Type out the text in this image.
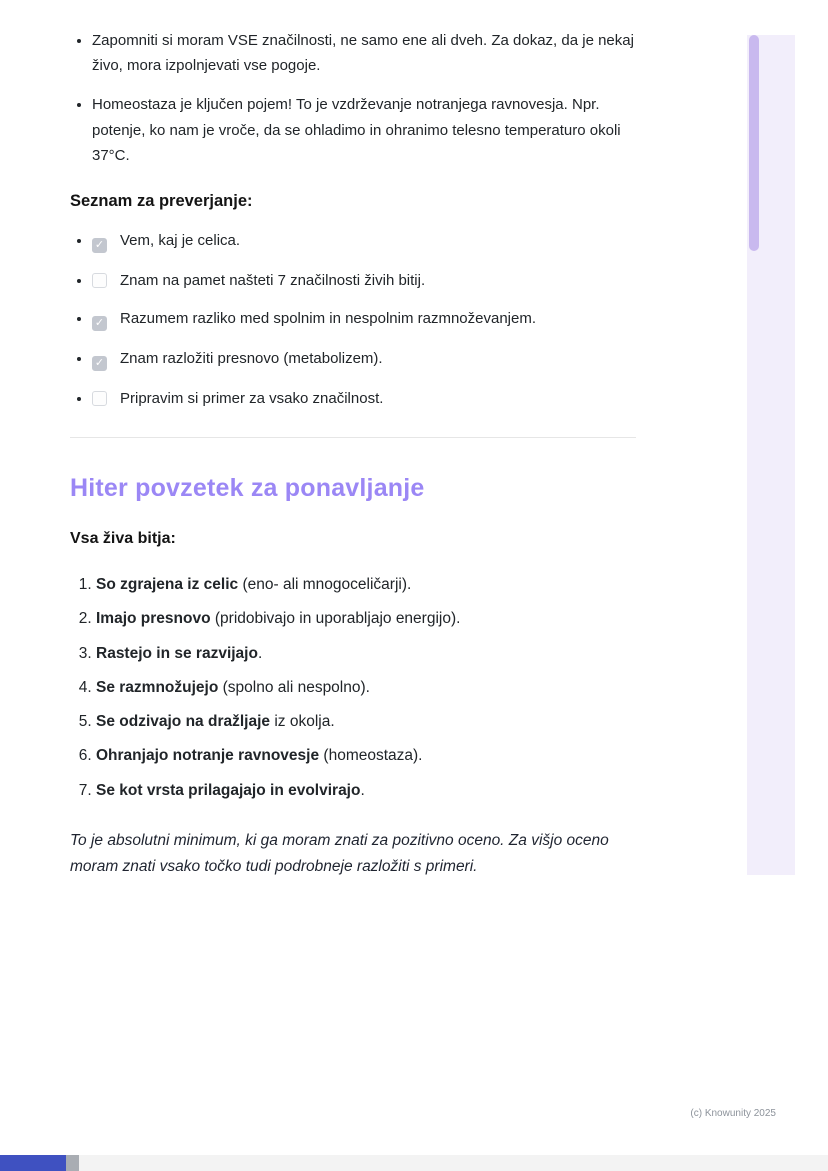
• Zapomniti si moram VSE značilnosti, ne samo ene ali dveh. Za dokaz, da je nekaj živo, mora izpolnjevati vse pogoje.
• Homeostaza je ključen pojem! To je vzdrževanje notranjega ravnovesja. Npr. potenje, ko nam je vroče, da se ohladimo in ohranimo telesno temperaturo okoli 37°C.
Seznam za preverjanje:
✓• Vem, kaj je celica.
• Znam na pamet našteti 7 značilnosti živih bitij.
✓• Razumem razliko med spolnim in nespolnim razmnoževanjem.
✓• Znam razložiti presnovo (metabolizem).
• Pripravim si primer za vsako značilnost.
Hiter povzetek za ponavljanje

Vsa živa bitja:

1. So zgrajena iz celic (eno- ali mnogoceličarji).
2. Imajo presnovo (pridobivajo in uporabljajo energijo).
3. Rastejo in se razvijajo.
4. Se razmnožujejo (spolno ali nespolno).
5. Se odzivajo na dražljaje iz okolja.
6. Ohranjajo notranje ravnovesje (homeostaza).
7. Se kot vrsta prilagajajo in evolvirajo.

To je absolutni minimum, ki ga moram znati za pozitivno oceno. Za višjo oceno moram znati vsako točko tudi podrobneje razložiti s primeri.

(c) Knowunity 2025
